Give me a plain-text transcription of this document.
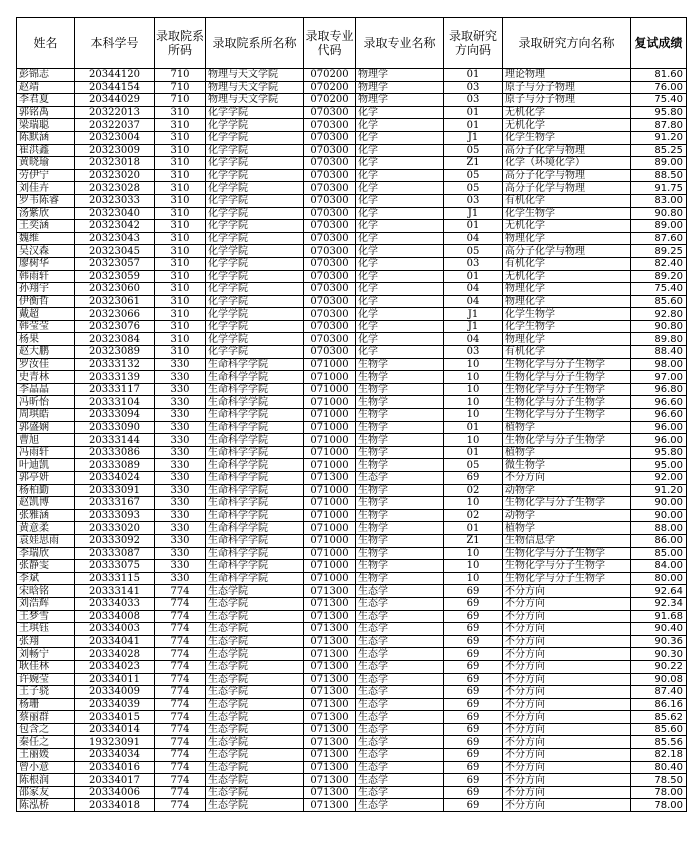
姓名	本科学号	录取院系所码	录取院系所名称	录取专业代码	录取专业名称	录取研究方向码	录取研究方向名称	复试成绩
彭锦志	20344120	710	物理与天文学院	070200	物理学	01	理论物理	81.60
赵靖	20344154	710	物理与天文学院	070200	物理学	03	原子与分子物理	76.00
李君夏	20344029	710	物理与天文学院	070200	物理学	03	原子与分子物理	75.40
郭铭禹	20322013	310	化学学院	070300	化学	01	无机化学	95.80
梁瑞聪	20322037	310	化学学院	070300	化学	01	无机化学	87.80
陈默涵	20323004	310	化学学院	070300	化学	J1	化学生物学	91.20
崔洪鑫	20323009	310	化学学院	070300	化学	05	高分子化学与物理	85.25
黄晓瑜	20323018	310	化学学院	070300	化学	Z1	化学（环境化学）	89.00
劳伊宁	20323020	310	化学学院	070300	化学	05	高分子化学与物理	88.50
刘佳卉	20323028	310	化学学院	070300	化学	05	高分子化学与物理	91.75
罗韦陈睿	20323033	310	化学学院	070300	化学	03	有机化学	83.00
汤紫欣	20323040	310	化学学院	070300	化学	J1	化学生物学	90.80
王奕涵	20323042	310	化学学院	070300	化学	01	无机化学	89.00
魏维	20323043	310	化学学院	070300	化学	04	物理化学	87.60
吴汉森	20323045	310	化学学院	070300	化学	05	高分子化学与物理	89.25
廖树华	20323057	310	化学学院	070300	化学	03	有机化学	82.40
韩雨轩	20323059	310	化学学院	070300	化学	01	无机化学	89.20
孙翔宇	20323060	310	化学学院	070300	化学	04	物理化学	75.40
伊衡哲	20323061	310	化学学院	070300	化学	04	物理化学	85.60
戴超	20323066	310	化学学院	070300	化学	J1	化学生物学	92.80
韩莹莹	20323076	310	化学学院	070300	化学	J1	化学生物学	90.80
杨果	20323084	310	化学学院	070300	化学	04	物理化学	89.80
赵大鹏	20323089	310	化学学院	070300	化学	03	有机化学	88.40
罗汝佳	20333132	330	生命科学学院	071000	生物学	10	生物化学与分子生物学	98.00
史青林	20333139	330	生命科学学院	071000	生物学	10	生物化学与分子生物学	97.00
李晶晶	20333117	330	生命科学学院	071000	生物学	10	生物化学与分子生物学	96.80
冯昕怡	20333104	330	生命科学学院	071000	生物学	10	生物化学与分子生物学	96.60
周琪皓	20333094	330	生命科学学院	071000	生物学	10	生物化学与分子生物学	96.60
郭盛娴	20333090	330	生命科学学院	071000	生物学	01	植物学	96.00
曹旭	20333144	330	生命科学学院	071000	生物学	10	生物化学与分子生物学	96.00
冯雨轩	20333086	330	生命科学学院	071000	生物学	01	植物学	95.80
叶迪凯	20333089	330	生命科学学院	071000	生物学	05	微生物学	95.00
郭亭妍	20334024	330	生命科学学院	071300	生态学	69	不分方向	92.00
杨柏勤	20333091	330	生命科学学院	071000	生物学	02	动物学	91.20
赵凯博	20333167	330	生命科学学院	071000	生物学	10	生物化学与分子生物学	90.00
张雅涵	20333093	330	生命科学学院	071000	生物学	02	动物学	90.00
黄意柔	20333020	330	生命科学学院	071000	生物学	01	植物学	88.00
袁娃思雨	20333092	330	生命科学学院	071000	生物学	Z1	生物信息学	86.00
李瑞欣	20333087	330	生命科学学院	071000	生物学	10	生物化学与分子生物学	85.00
张静雯	20333075	330	生命科学学院	071000	生物学	10	生物化学与分子生物学	84.00
李斌	20333115	330	生命科学学院	071000	生物学	10	生物化学与分子生物学	80.00
宋晗铭	20333141	774	生态学院	071300	生态学	69	不分方向	92.64
刘浩辉	20334033	774	生态学院	071300	生态学	69	不分方向	92.34
王梦雪	20334008	774	生态学院	071300	生态学	69	不分方向	91.68
王琪钰	20334003	774	生态学院	071300	生态学	69	不分方向	90.40
张翔	20334041	774	生态学院	071300	生态学	69	不分方向	90.36
刘畅宁	20334028	774	生态学院	071300	生态学	69	不分方向	90.30
耿佳林	20334023	774	生态学院	071300	生态学	69	不分方向	90.22
许婉莹	20334011	774	生态学院	071300	生态学	69	不分方向	90.08
王子骁	20334009	774	生态学院	071300	生态学	69	不分方向	87.40
杨珊	20334039	774	生态学院	071300	生态学	69	不分方向	86.16
蔡丽群	20334015	774	生态学院	071300	生态学	69	不分方向	85.62
包含之	20334014	774	生态学院	071300	生态学	69	不分方向	85.60
秦任之	19323091	774	生态学院	071300	生态学	69	不分方向	85.56
王丽媛	20334034	774	生态学院	071300	生态学	69	不分方向	82.18
曾小意	20334016	774	生态学院	071300	生态学	69	不分方向	80.40
陈根润	20334017	774	生态学院	071300	生态学	69	不分方向	78.50
邵家友	20334006	774	生态学院	071300	生态学	69	不分方向	78.00
陈泓桥	20334018	774	生态学院	071300	生态学	69	不分方向	78.00
